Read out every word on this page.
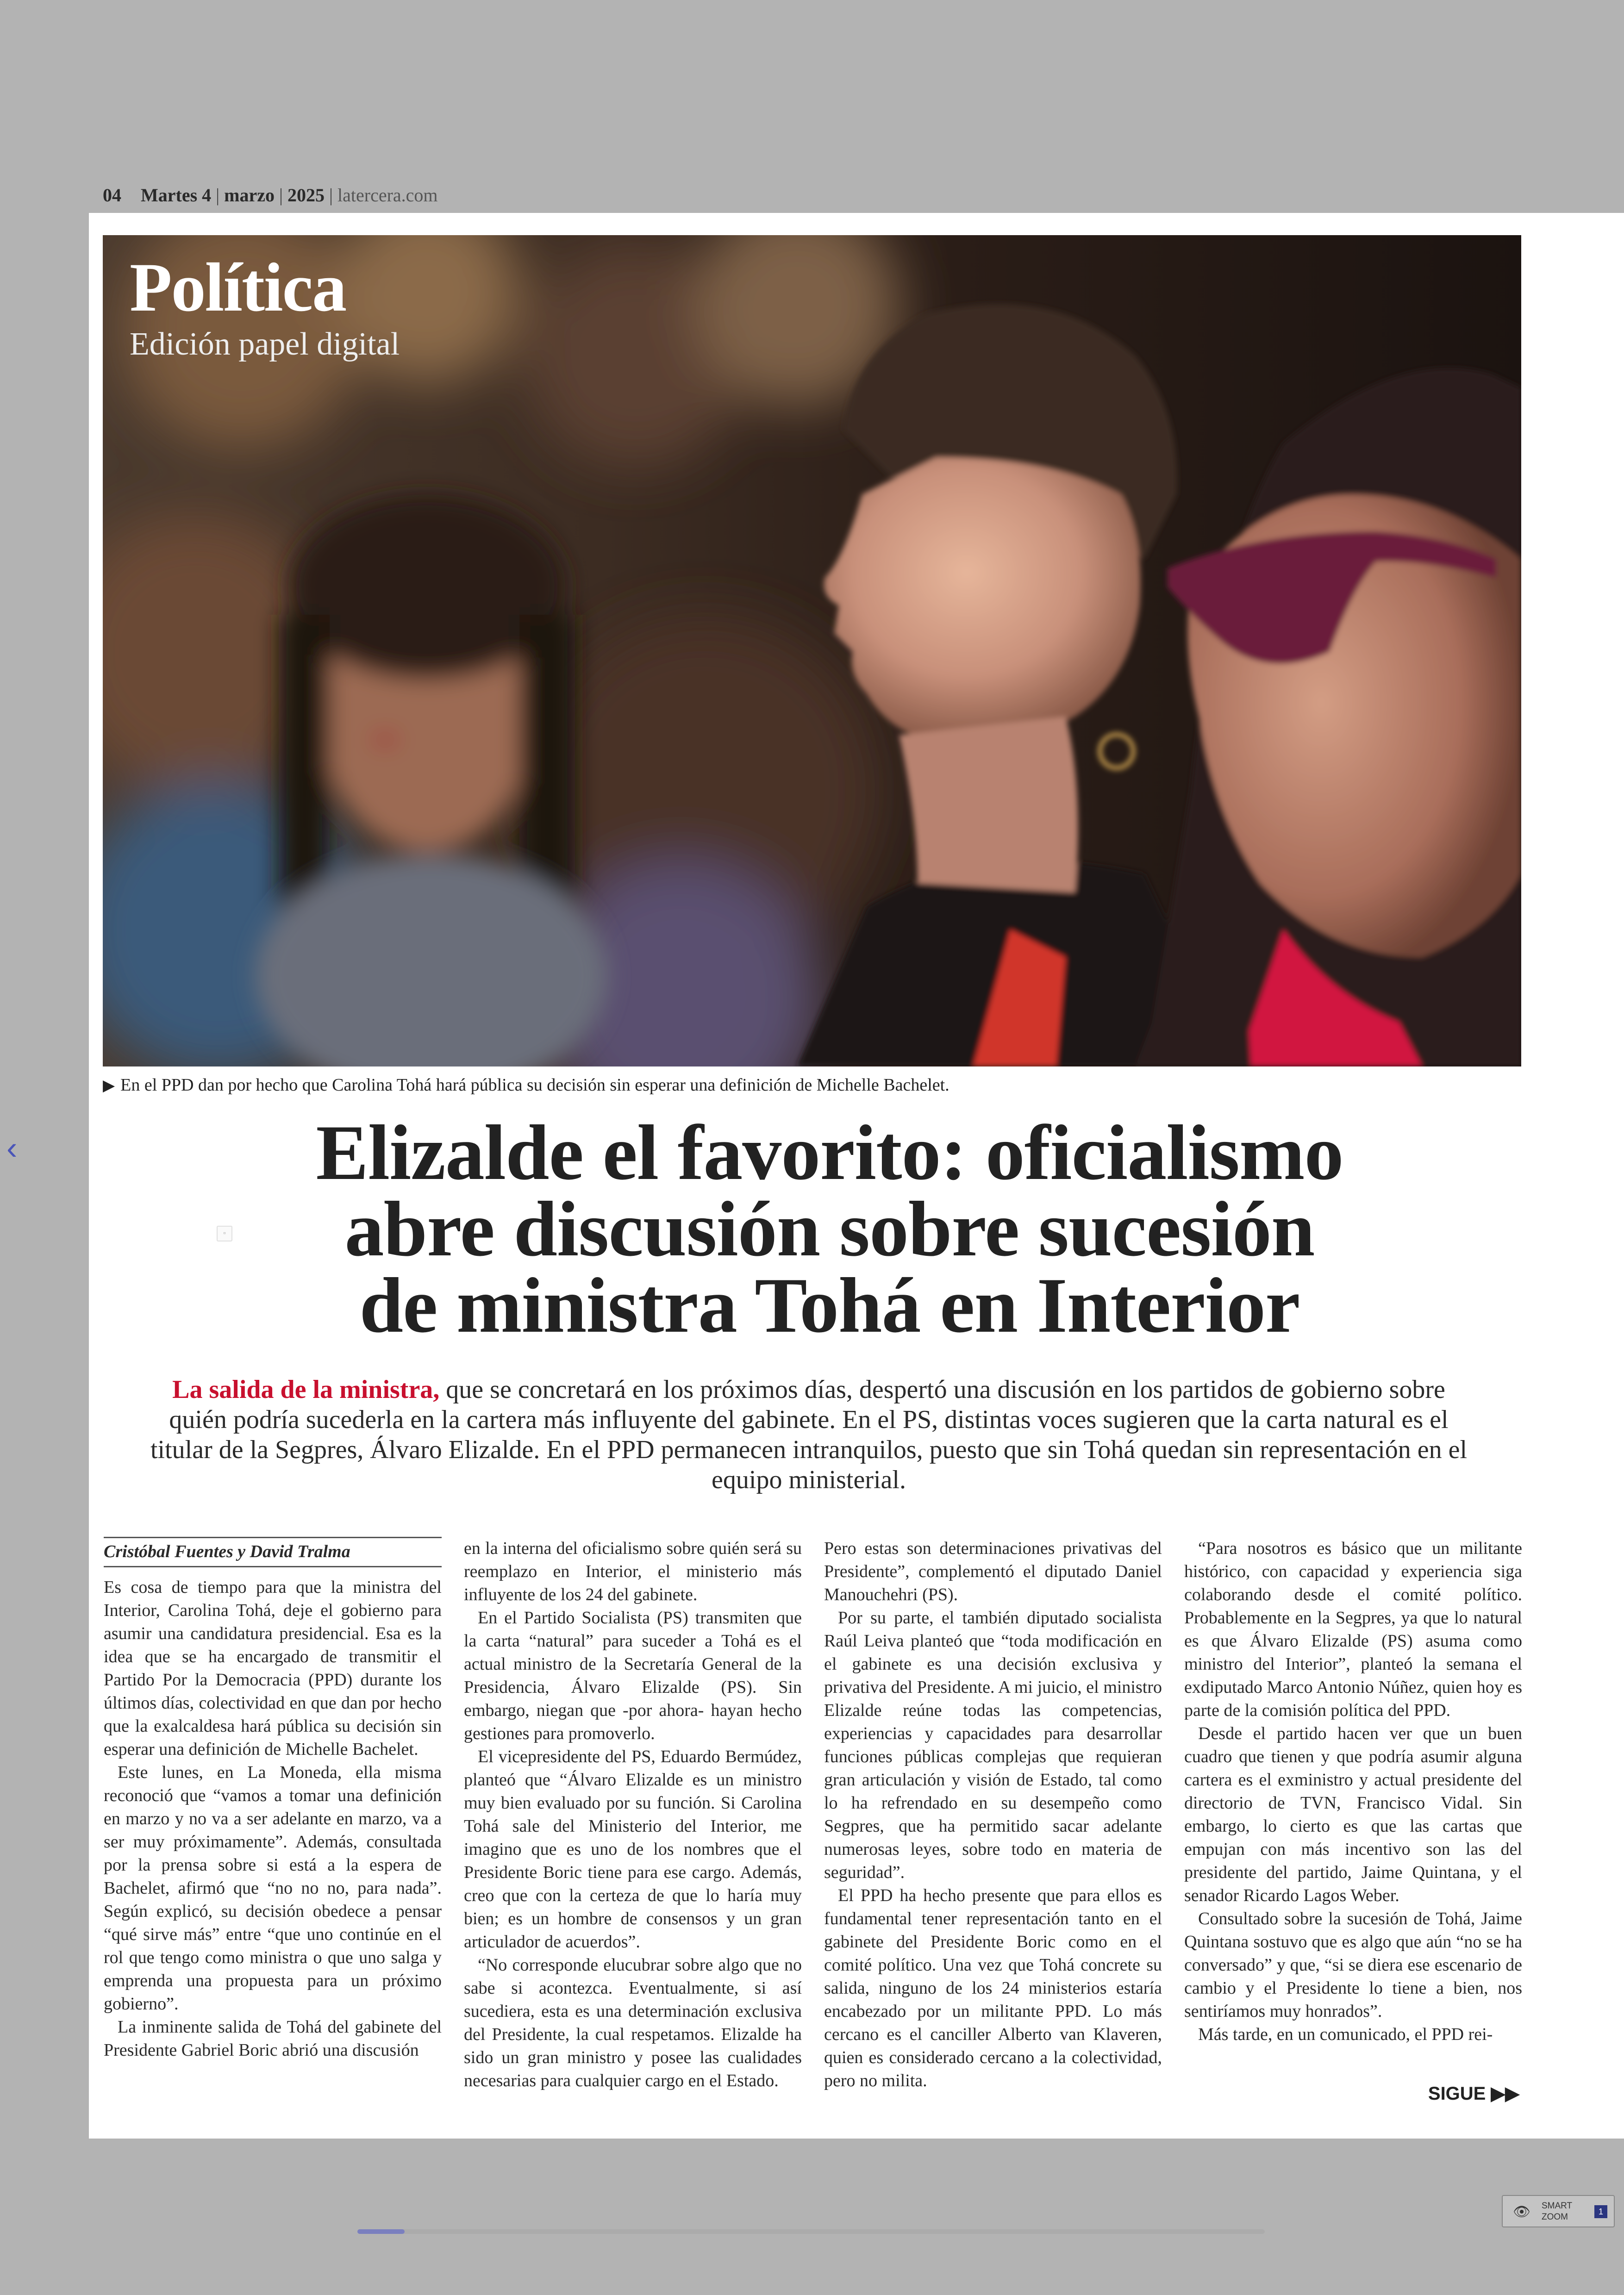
04 Martes 4 | marzo | 2025 | latercera.com
‹
Política
Edición papel digital
▶ En el PPD dan por hecho que Carolina Tohá hará pública su decisión sin esperar una definición de Michelle Bachelet.
Elizalde el favorito: oficialismo
abre discusión sobre sucesión
de ministra Tohá en Interior
La salida de la ministra, que se concretará en los próximos días, despertó una discusión en los partidos de gobierno sobre quién podría sucederla en la cartera más influyente del gabinete. En el PS, distintas voces sugieren que la carta natural es el titular de la Segpres, Álvaro Elizalde. En el PPD permanecen intranquilos, puesto que sin Tohá quedan sin representación en el equipo ministerial.
Cristóbal Fuentes y David Tralma

Es cosa de tiempo para que la ministra del Interior, Carolina Tohá, deje el gobierno para asumir una candidatura presidencial. Esa es la idea que se ha encargado de transmitir el Partido Por la Democracia (PPD) durante los últimos días, colectividad en que dan por hecho que la exalcaldesa hará pública su decisión sin esperar una definición de Michelle Bachelet.

Este lunes, en La Moneda, ella misma reconoció que “vamos a tomar una definición en marzo y no va a ser adelante en marzo, va a ser muy próximamente”. Además, consultada por la prensa sobre si está a la espera de Bachelet, afirmó que “no no no, para nada”. Según explicó, su decisión obedece a pensar “qué sirve más” entre “que uno continúe en el rol que tengo como ministra o que uno salga y emprenda una propuesta para un próximo gobierno”.

La inminente salida de Tohá del gabinete del Presidente Gabriel Boric abrió una discusión

en la interna del oficialismo sobre quién será su reemplazo en Interior, el ministerio más influyente de los 24 del gabinete.

En el Partido Socialista (PS) transmiten que la carta “natural” para suceder a Tohá es el actual ministro de la Secretaría General de la Presidencia, Álvaro Elizalde (PS). Sin embargo, niegan que -por ahora- hayan hecho gestiones para promoverlo.

El vicepresidente del PS, Eduardo Bermúdez, planteó que “Álvaro Elizalde es un ministro muy bien evaluado por su función. Si Carolina Tohá sale del Ministerio del Interior, me imagino que es uno de los nombres que el Presidente Boric tiene para ese cargo. Además, creo que con la certeza de que lo haría muy bien; es un hombre de consensos y un gran articulador de acuerdos”.

“No corresponde elucubrar sobre algo que no sabe si acontezca. Eventualmente, si así sucediera, esta es una determinación exclusiva del Presidente, la cual respetamos. Elizalde ha sido un gran ministro y posee las cualidades necesarias para cualquier cargo en el Estado.

Pero estas son determinaciones privativas del Presidente”, complementó el diputado Daniel Manouchehri (PS).

Por su parte, el también diputado socialista Raúl Leiva planteó que “toda modificación en el gabinete es una decisión exclusiva y privativa del Presidente. A mi juicio, el ministro Elizalde reúne todas las competencias, experiencias y capacidades para desarrollar funciones públicas complejas que requieran gran articulación y visión de Estado, tal como lo ha refrendado en su desempeño como Segpres, que ha permitido sacar adelante numerosas leyes, sobre todo en materia de seguridad”.

El PPD ha hecho presente que para ellos es fundamental tener representación tanto en el gabinete del Presidente Boric como en el comité político. Una vez que Tohá concrete su salida, ninguno de los 24 ministerios estaría encabezado por un militante PPD. Lo más cercano es el canciller Alberto van Klaveren, quien es considerado cercano a la colectividad, pero no milita.

“Para nosotros es básico que un militante histórico, con capacidad y experiencia siga colaborando desde el comité político. Probablemente en la Segpres, ya que lo natural es que Álvaro Elizalde (PS) asuma como ministro del Interior”, planteó la semana el exdiputado Marco Antonio Núñez, quien hoy es parte de la comisión política del PPD.

Desde el partido hacen ver que un buen cuadro que tienen y que podría asumir alguna cartera es el exministro y actual presidente del directorio de TVN, Francisco Vidal. Sin embargo, lo cierto es que las cartas que empujan con más incentivo son las del presidente del partido, Jaime Quintana, y el senador Ricardo Lagos Weber.

Consultado sobre la sucesión de Tohá, Jaime Quintana sostuvo que es algo que aún “no se ha conversado” y que, “si se diera ese escenario de cambio y el Presidente lo tiene a bien, nos sentiríamos muy honrados”.

Más tarde, en un comunicado, el PPD rei-

SIGUE ▶▶
▫
👁 SMART
ZOOM
1
